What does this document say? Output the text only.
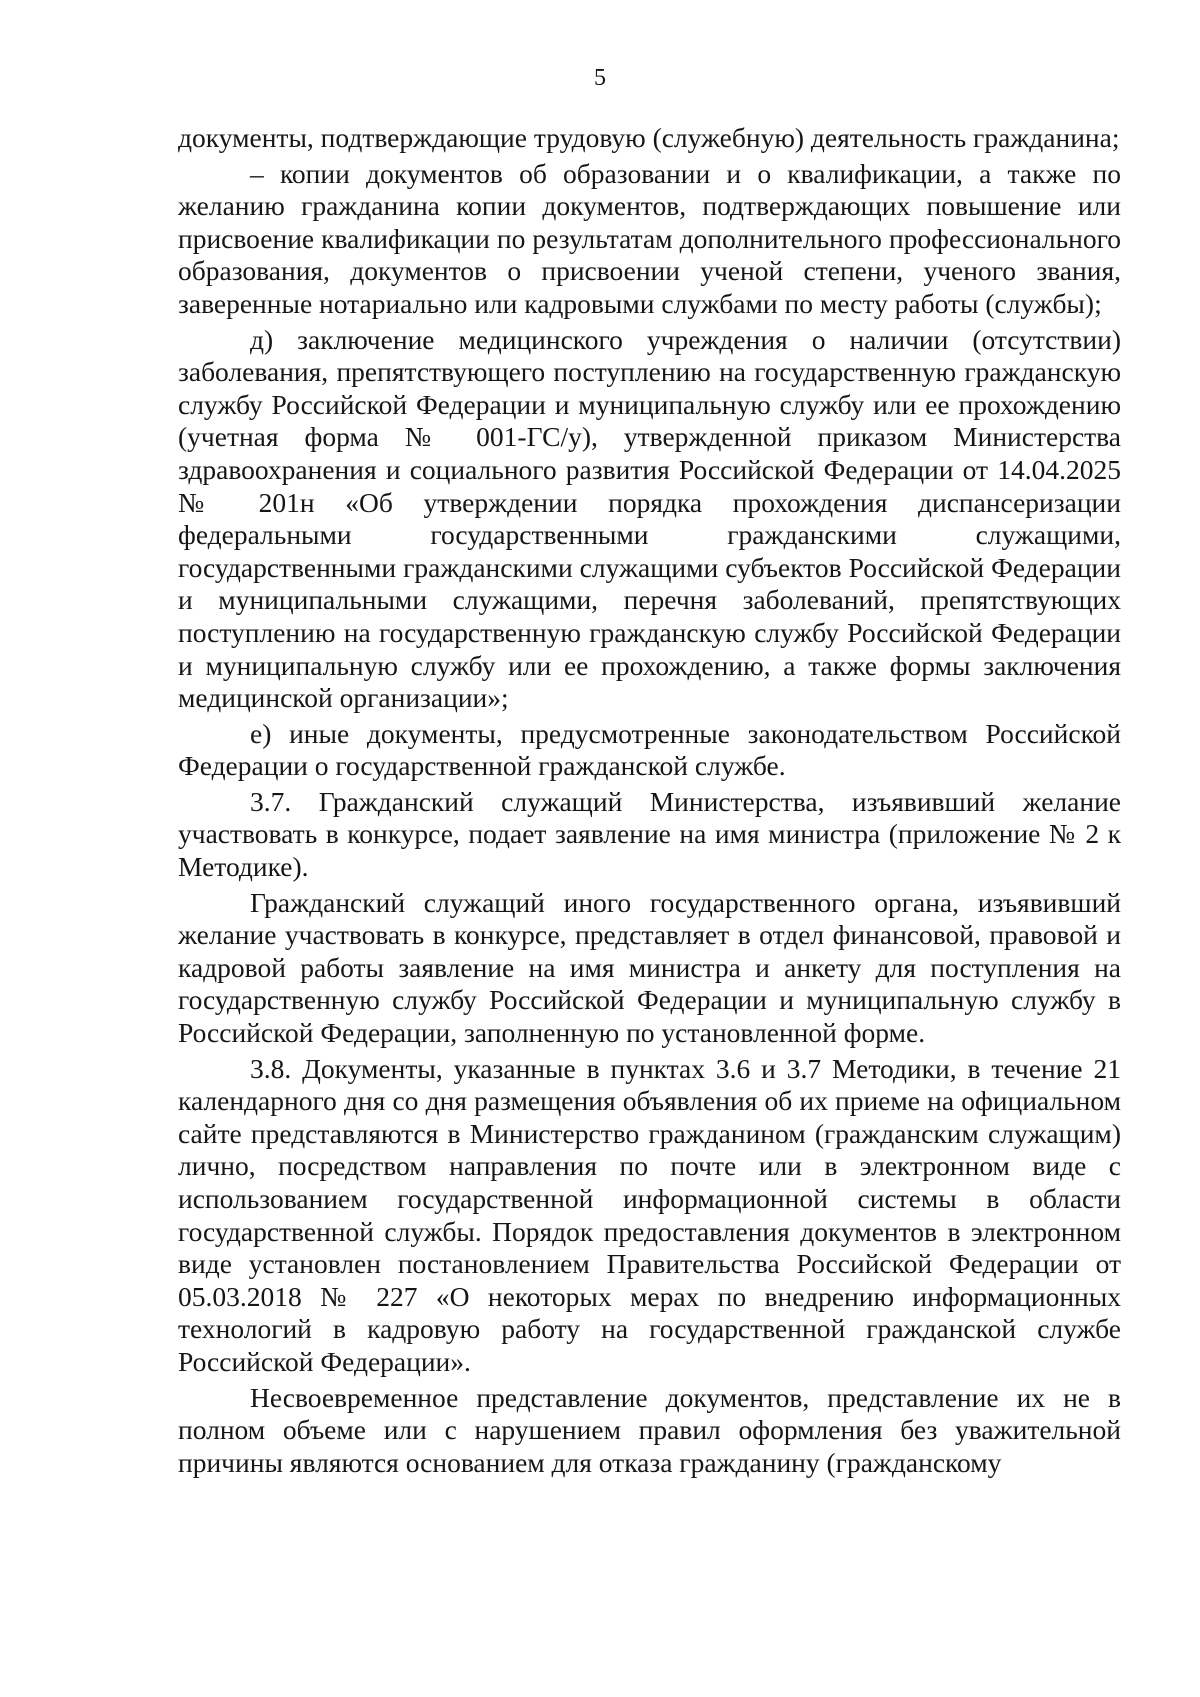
5

документы, подтверждающие трудовую (служебную) деятельность гражданина;

– копии документов об образовании и о квалификации, а также по желанию гражданина копии документов, подтверждающих повышение или присвоение квалификации по результатам дополнительного профессионального образования, документов о присвоении ученой степени, ученого звания, заверенные нотариально или кадровыми службами по месту работы (службы);

д) заключение медицинского учреждения о наличии (отсутствии) заболевания, препятствующего поступлению на государственную гражданскую службу Российской Федерации и муниципальную службу или ее прохождению (учетная форма № 001-ГС/у), утвержденной приказом Министерства здравоохранения и социального развития Российской Федерации от 14.04.2025 № 201н «Об утверждении порядка прохождения диспансеризации федеральными государственными гражданскими служащими, государственными гражданскими служащими субъектов Российской Федерации и муниципальными служащими, перечня заболеваний, препятствующих поступлению на государственную гражданскую службу Российской Федерации и муниципальную службу или ее прохождению, а также формы заключения медицинской организации»;

е) иные документы, предусмотренные законодательством Российской Федерации о государственной гражданской службе.

3.7. Гражданский служащий Министерства, изъявивший желание участвовать в конкурсе, подает заявление на имя министра (приложение № 2 к Методике).

Гражданский служащий иного государственного органа, изъявивший желание участвовать в конкурсе, представляет в отдел финансовой, правовой и кадровой работы заявление на имя министра и анкету для поступления на государственную службу Российской Федерации и муниципальную службу в Российской Федерации, заполненную по установленной форме.

3.8. Документы, указанные в пунктах 3.6 и 3.7 Методики, в течение 21 календарного дня со дня размещения объявления об их приеме на официальном сайте представляются в Министерство гражданином (гражданским служащим) лично, посредством направления по почте или в электронном виде с использованием государственной информационной системы в области государственной службы. Порядок предоставления документов в электронном виде установлен постановлением Правительства Российской Федерации от 05.03.2018 № 227 «О некоторых мерах по внедрению информационных технологий в кадровую работу на государственной гражданской службе Российской Федерации».

Несвоевременное представление документов, представление их не в полном объеме или с нарушением правил оформления без уважительной причины являются основанием для отказа гражданину (гражданскому
